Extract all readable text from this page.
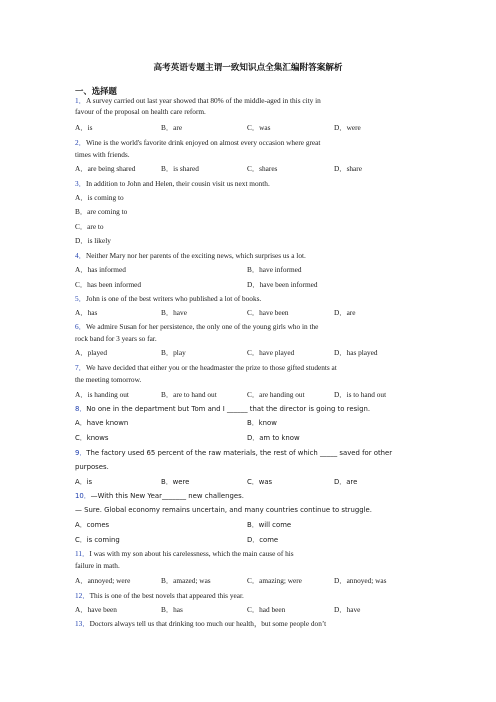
高考英语专题主谓一致知识点全集汇编附答案解析
一、选择题
1．A survey carried out last year showed that 80% of the middle-aged in this city in
favour of the proposal on health care reform.
A．is	B．are	C．was	D．were
2．Wine is the world's favorite drink enjoyed on almost every occasion where great
times with friends.
A．are being shared	B．is shared	C．shares	D．share
3．In addition to John and Helen, their cousin visit us next month.
A．is coming to
B．are coming to
C．are to
D．is likely
4．Neither Mary nor her parents of the exciting news, which surprises us a lot.
A．has informed	B．have informed
C．has been informed	D．have been informed
5．John is one of the best writers who published a lot of books.
A．has	B．have	C．have been	D．are
6．We admire Susan for her persistence, the only one of the young girls who in the
rock band for 3 years so far.
A．played	B．play	C．have played	D．has played
7．We have decided that either you or the headmaster the prize to those gifted students at
the meeting tomorrow.
A．is handing out	B．are to hand out	C．are handing out	D．is to hand out
8．No one in the department but Tom and I ______ that the director is going to resign.
A．have known	B．know
C．knows	D．am to know
9．The factory used 65 percent of the raw materials, the rest of which _____ saved for other
purposes.
A．is	B．were	C．was	D．are
10．—With this New Year_______ new challenges.
— Sure. Global economy remains uncertain, and many countries continue to struggle.
A．comes	B．will come
C．is coming	D．come
11．I was with my son about his carelessness, which the main cause of his
failure in math.
A．annoyed; were	B．amazed; was	C．amazing; were	D．annoyed; was
12．This is one of the best novels that appeared this year.
A．have been	B．has	C．had been	D．have
13．Doctors always tell us that drinking too much our health，but some people don’t
